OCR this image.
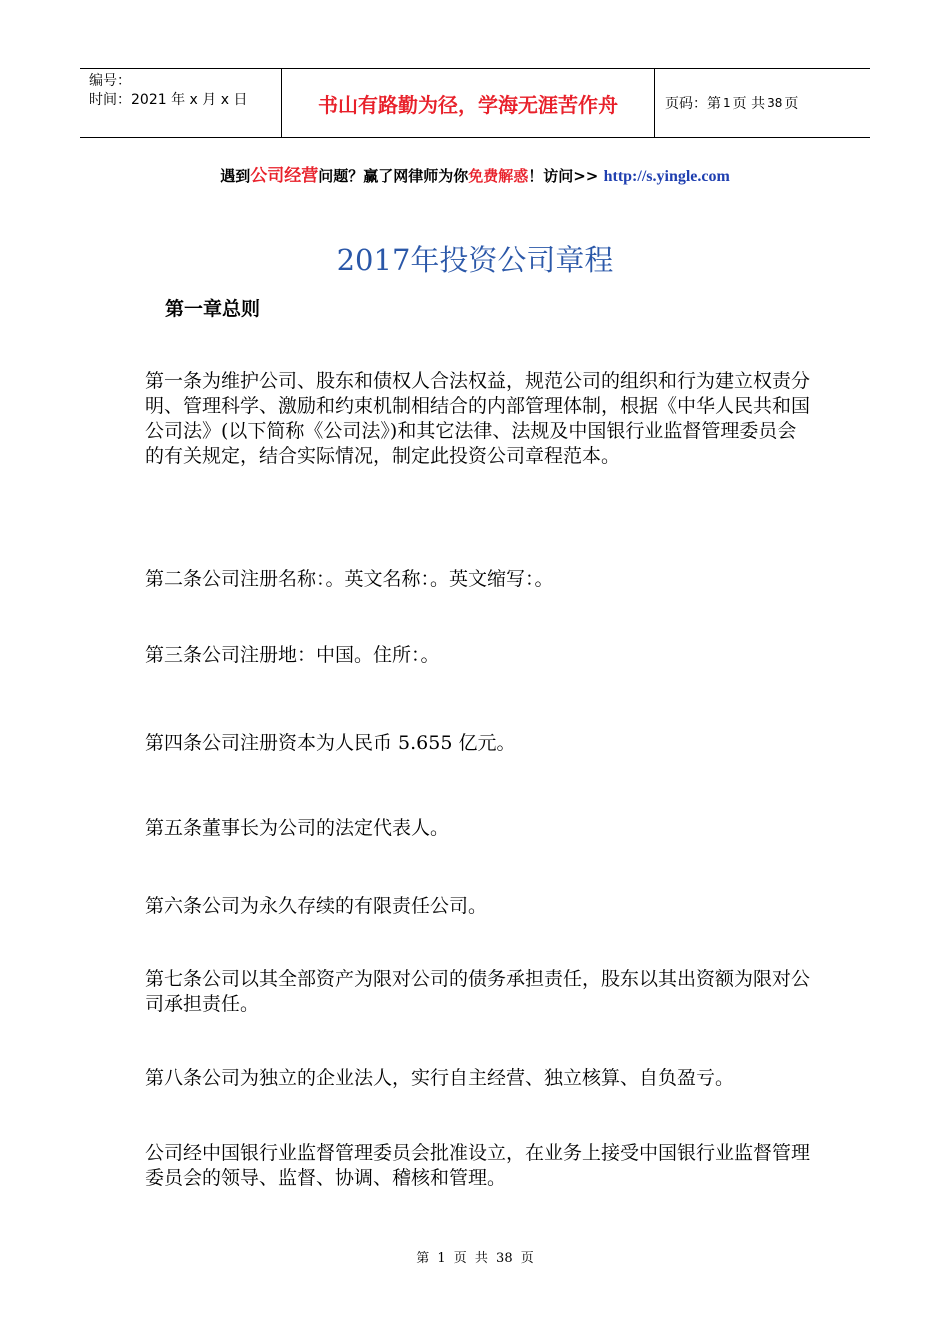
编号：
时间：2021 年 x 月 x 日	书山有路勤为径，学海无涯苦作舟	页码：第 1 页 共 38 页
遇到公司经营问题？赢了网律师为你免费解惑！访问>> http://s.yingle.com
2017年投资公司章程
第一章总则
第一条为维护公司、股东和债权人合法权益，规范公司的组织和行为建立权责分明、管理科学、激励和约束机制相结合的内部管理体制，根据《中华人民共和国公司法》(以下简称《公司法》)和其它法律、法规及中国银行业监督管理委员会的有关规定，结合实际情况，制定此投资公司章程范本。
第二条公司注册名称：。英文名称：。英文缩写：。
第三条公司注册地：中国。住所：。
第四条公司注册资本为人民币 5.655 亿元。
第五条董事长为公司的法定代表人。
第六条公司为永久存续的有限责任公司。
第七条公司以其全部资产为限对公司的债务承担责任，股东以其出资额为限对公司承担责任。
第八条公司为独立的企业法人，实行自主经营、独立核算、自负盈亏。
公司经中国银行业监督管理委员会批准设立，在业务上接受中国银行业监督管理委员会的领导、监督、协调、稽核和管理。
第 1 页 共 38 页
